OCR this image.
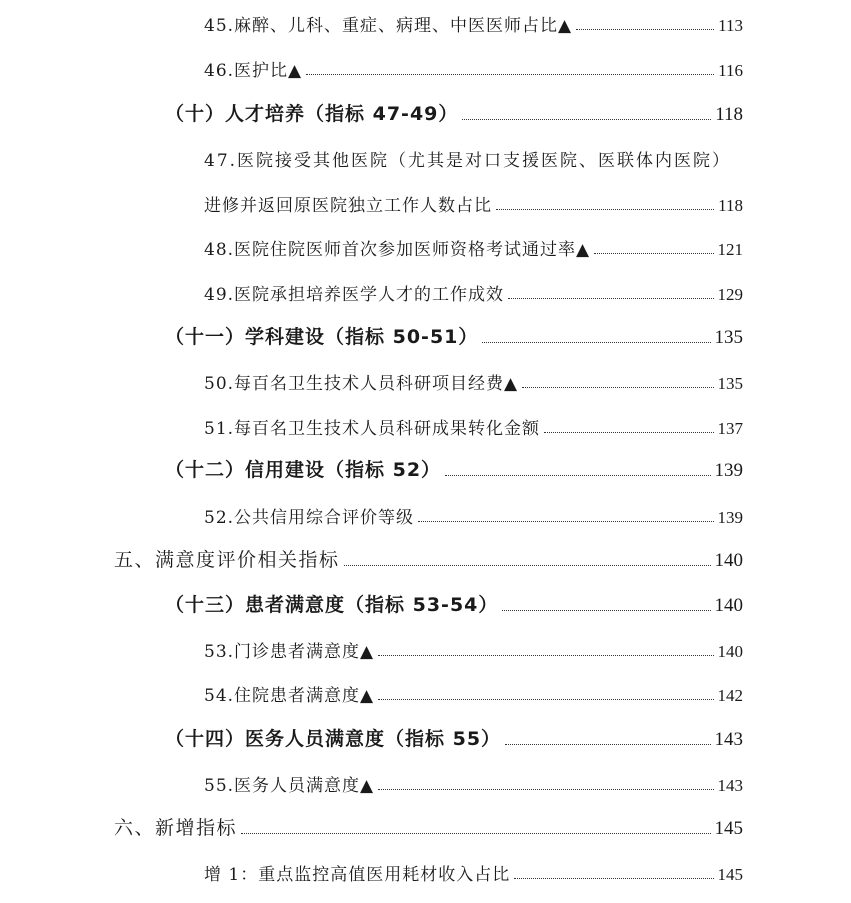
45.麻醉、儿科、重症、病理、中医医师占比▲	113
46.医护比▲	116
（十）人才培养（指标 47-49）	118
47.医院接受其他医院（尤其是对口支援医院、医联体内医院）
进修并返回原医院独立工作人数占比	118
48.医院住院医师首次参加医师资格考试通过率▲	121
49.医院承担培养医学人才的工作成效	129
（十一）学科建设（指标 50-51）	135
50.每百名卫生技术人员科研项目经费▲	135
51.每百名卫生技术人员科研成果转化金额	137
（十二）信用建设（指标 52）	139
52.公共信用综合评价等级	139
五、满意度评价相关指标	140
（十三）患者满意度（指标 53-54）	140
53.门诊患者满意度▲	140
54.住院患者满意度▲	142
（十四）医务人员满意度（指标 55）	143
55.医务人员满意度▲	143
六、新增指标	145
增 1：重点监控高值医用耗材收入占比	145
